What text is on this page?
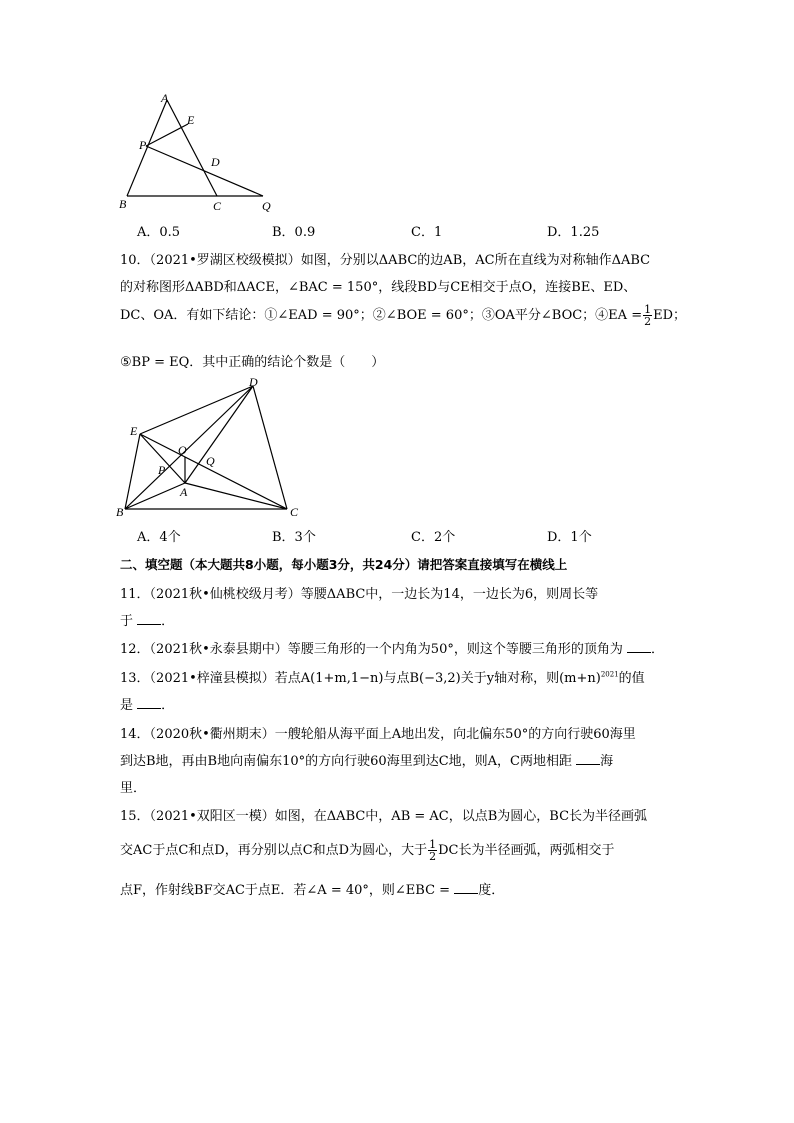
A
E
P
D
B	C	Q
A．0.5	B．0.9	C．1	D．1.25
10．（2021•罗湖区校级模拟）如图，分别以ΔABC的边AB，AC所在直线为对称轴作ΔABC
的对称图形ΔABD和ΔACE，∠BAC = 150°，线段BD与CE相交于点O，连接BE、ED、
DC、OA．有如下结论：①∠EAD = 90°；②∠BOE = 60°；③OA平分∠BOC；④EA = $\frac{1}{2}$ ED；
⑤BP = EQ．其中正确的结论个数是（　　）
D
E
O
P
Q
A
B	C
A．4个	B．3个	C．2个	D．1个
二、填空题（本大题共8小题，每小题3分，共24分）请把答案直接填写在横线上
11．（2021秋•仙桃校级月考）等腰ΔABC中，一边长为14，一边长为6，则周长等
于 ．
12．（2021秋•永泰县期中）等腰三角形的一个内角为50°，则这个等腰三角形的顶角为 ．
13．（2021•梓潼县模拟）若点A(1+m,1−n)与点B(−3,2)关于y轴对称，则$(m+n)^{2021}$的值
是 ．
14．（2020秋•衢州期末）一艘轮船从海平面上A地出发，向北偏东50°的方向行驶60海里
到达B地，再由B地向南偏东10°的方向行驶60海里到达C地，则A，C两地相距 海
里．
15．（2021•双阳区一模）如图，在ΔABC中，AB = AC，以点B为圆心，BC长为半径画弧
交AC于点C和点D，再分别以点C和点D为圆心，大于 $\frac{1}{2}$ DC长为半径画弧，两弧相交于
点F，作射线BF交AC于点E．若∠A = 40°，则∠EBC = 度．
